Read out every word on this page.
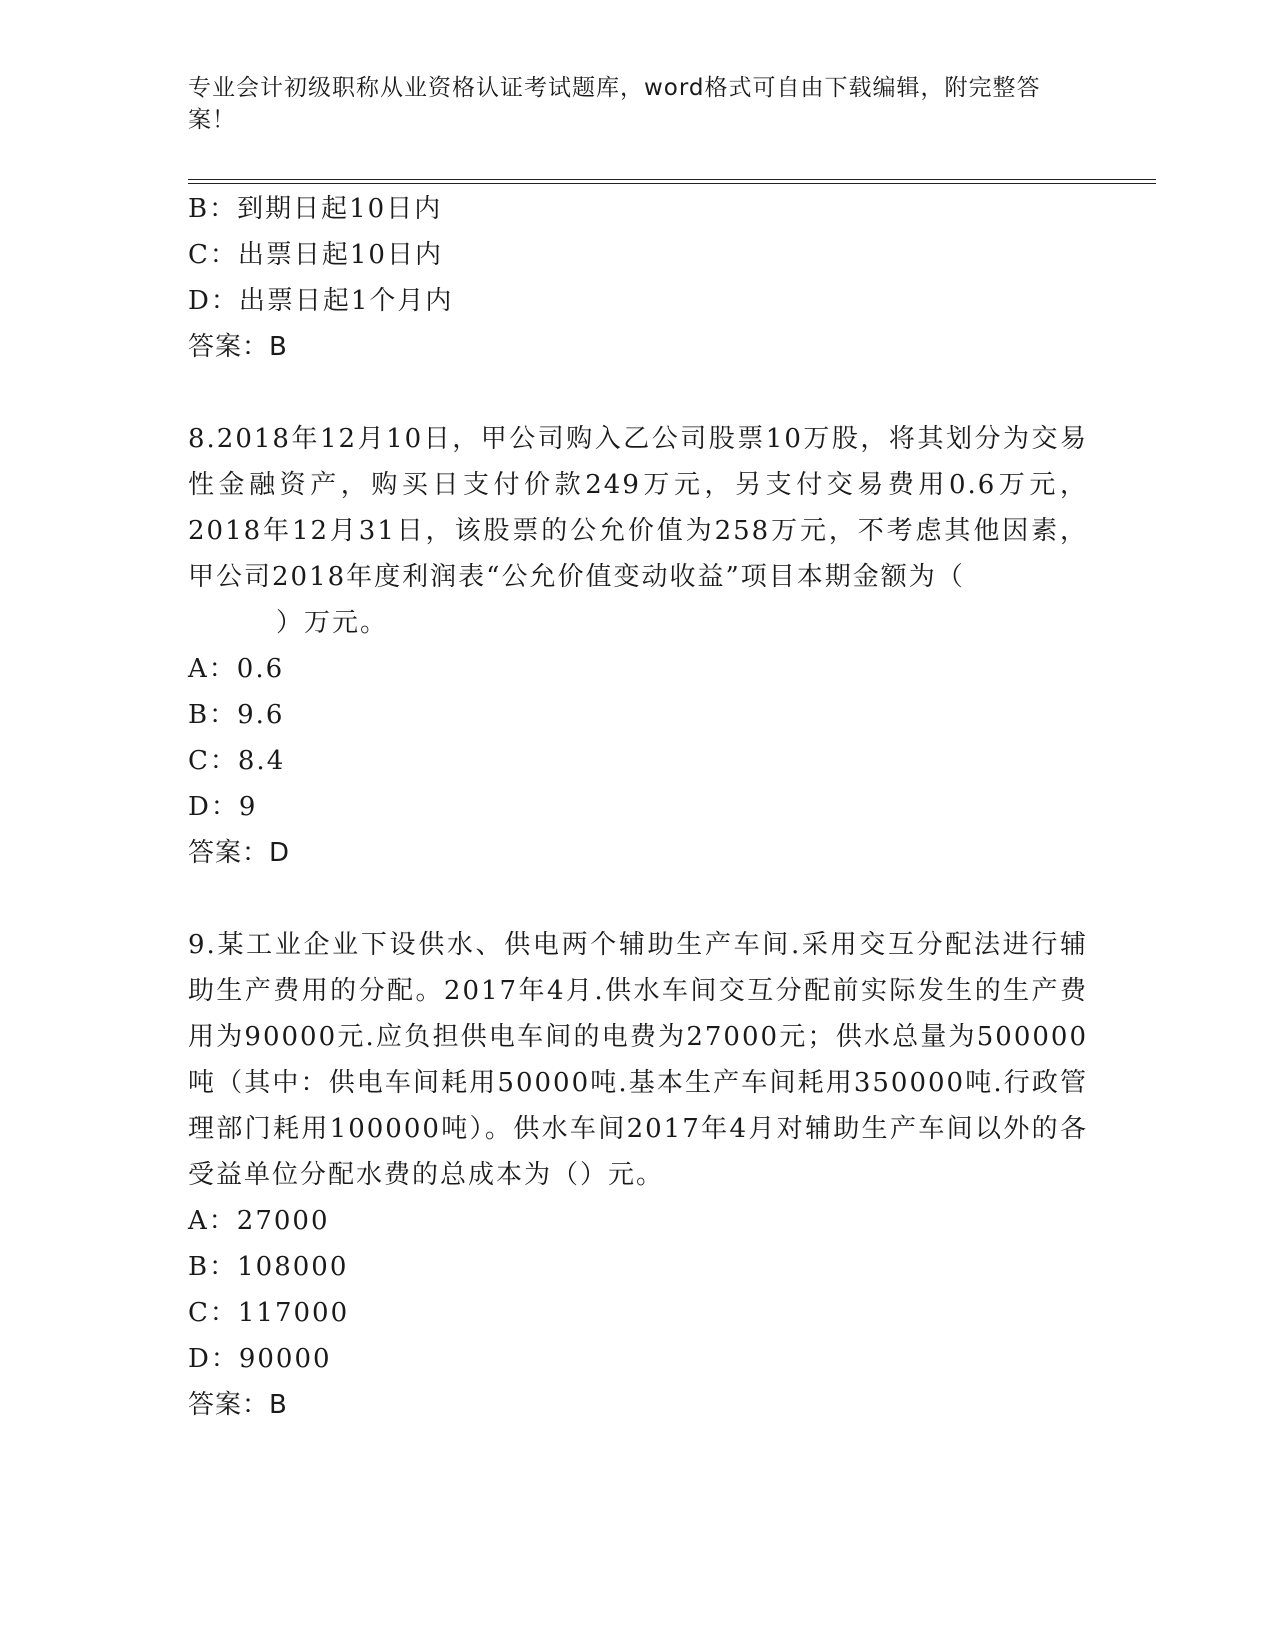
专业会计初级职称从业资格认证考试题库，word格式可自由下载编辑，附完整答案！
B：到期日起10日内
C：出票日起10日内
D：出票日起1个月内
答案：B
8.2018年12月10日，甲公司购入乙公司股票10万股，将其划分为交易性金融资产，购买日支付价款249万元，另支付交易费用0.6万元，2018年12月31日，该股票的公允价值为258万元，不考虑其他因素，甲公司2018年度利润表“公允价值变动收益”项目本期金额为（
）万元。
A：0.6
B：9.6
C：8.4
D：9
答案：D
9.某工业企业下设供水、供电两个辅助生产车间.采用交互分配法进行辅助生产费用的分配。2017年4月.供水车间交互分配前实际发生的生产费用为90000元.应负担供电车间的电费为27000元；供水总量为500000吨（其中：供电车间耗用50000吨.基本生产车间耗用350000吨.行政管理部门耗用100000吨）。供水车间2017年4月对辅助生产车间以外的各受益单位分配水费的总成本为（）元。
A：27000
B：108000
C：117000
D：90000
答案：B
